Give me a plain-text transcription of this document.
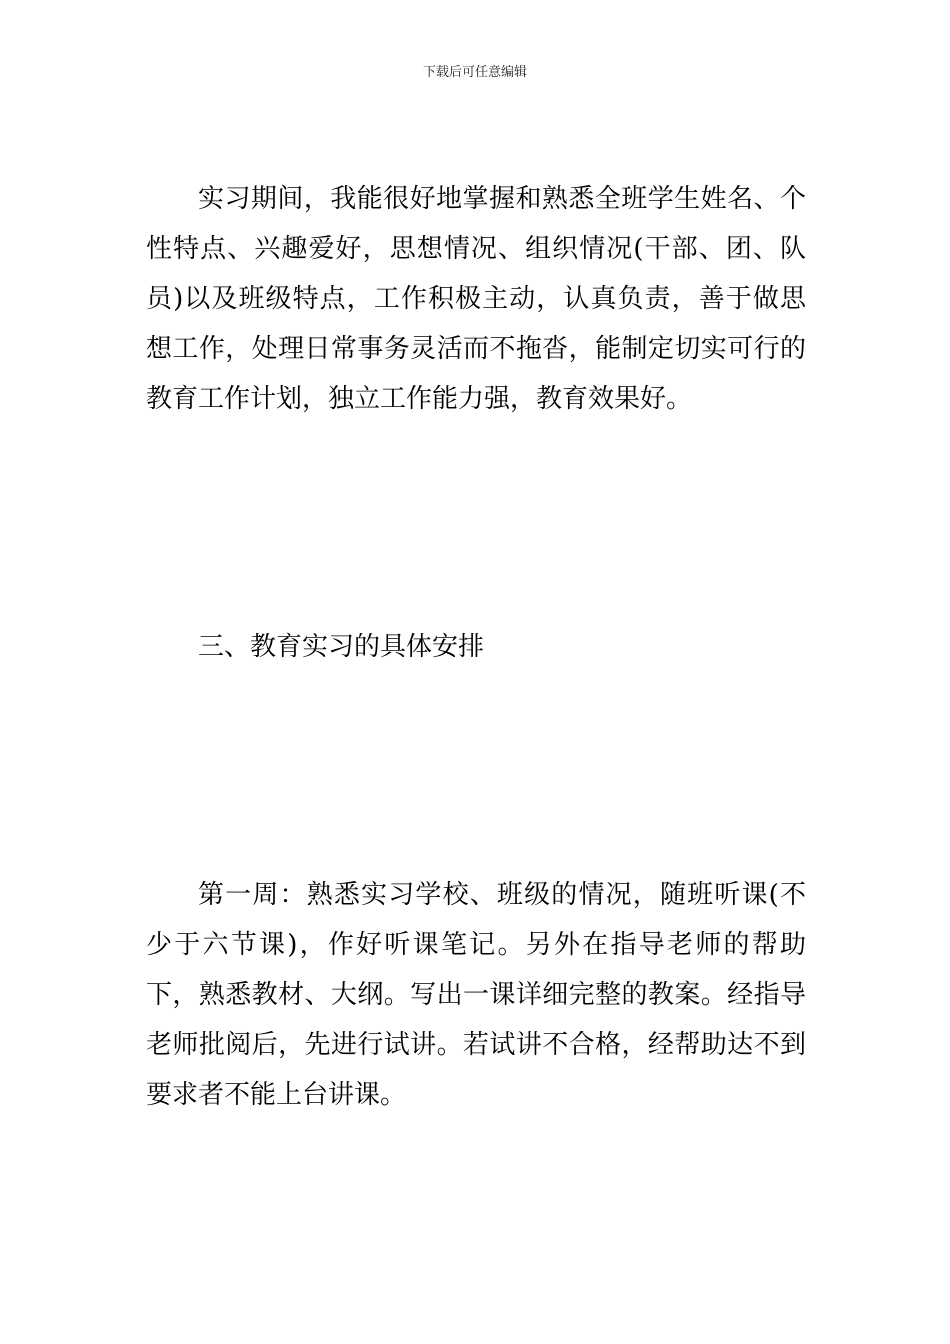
下载后可任意编辑

实习期间，我能很好地掌握和熟悉全班学生姓名、个性特点、兴趣爱好，思想情况、组织情况(干部、团、队员)以及班级特点，工作积极主动，认真负责，善于做思想工作，处理日常事务灵活而不拖沓，能制定切实可行的教育工作计划，独立工作能力强，教育效果好。

三、教育实习的具体安排

第一周：熟悉实习学校、班级的情况，随班听课(不少于六节课)，作好听课笔记。另外在指导老师的帮助下，熟悉教材、大纲。写出一课详细完整的教案。经指导老师批阅后，先进行试讲。若试讲不合格，经帮助达不到要求者不能上台讲课。
